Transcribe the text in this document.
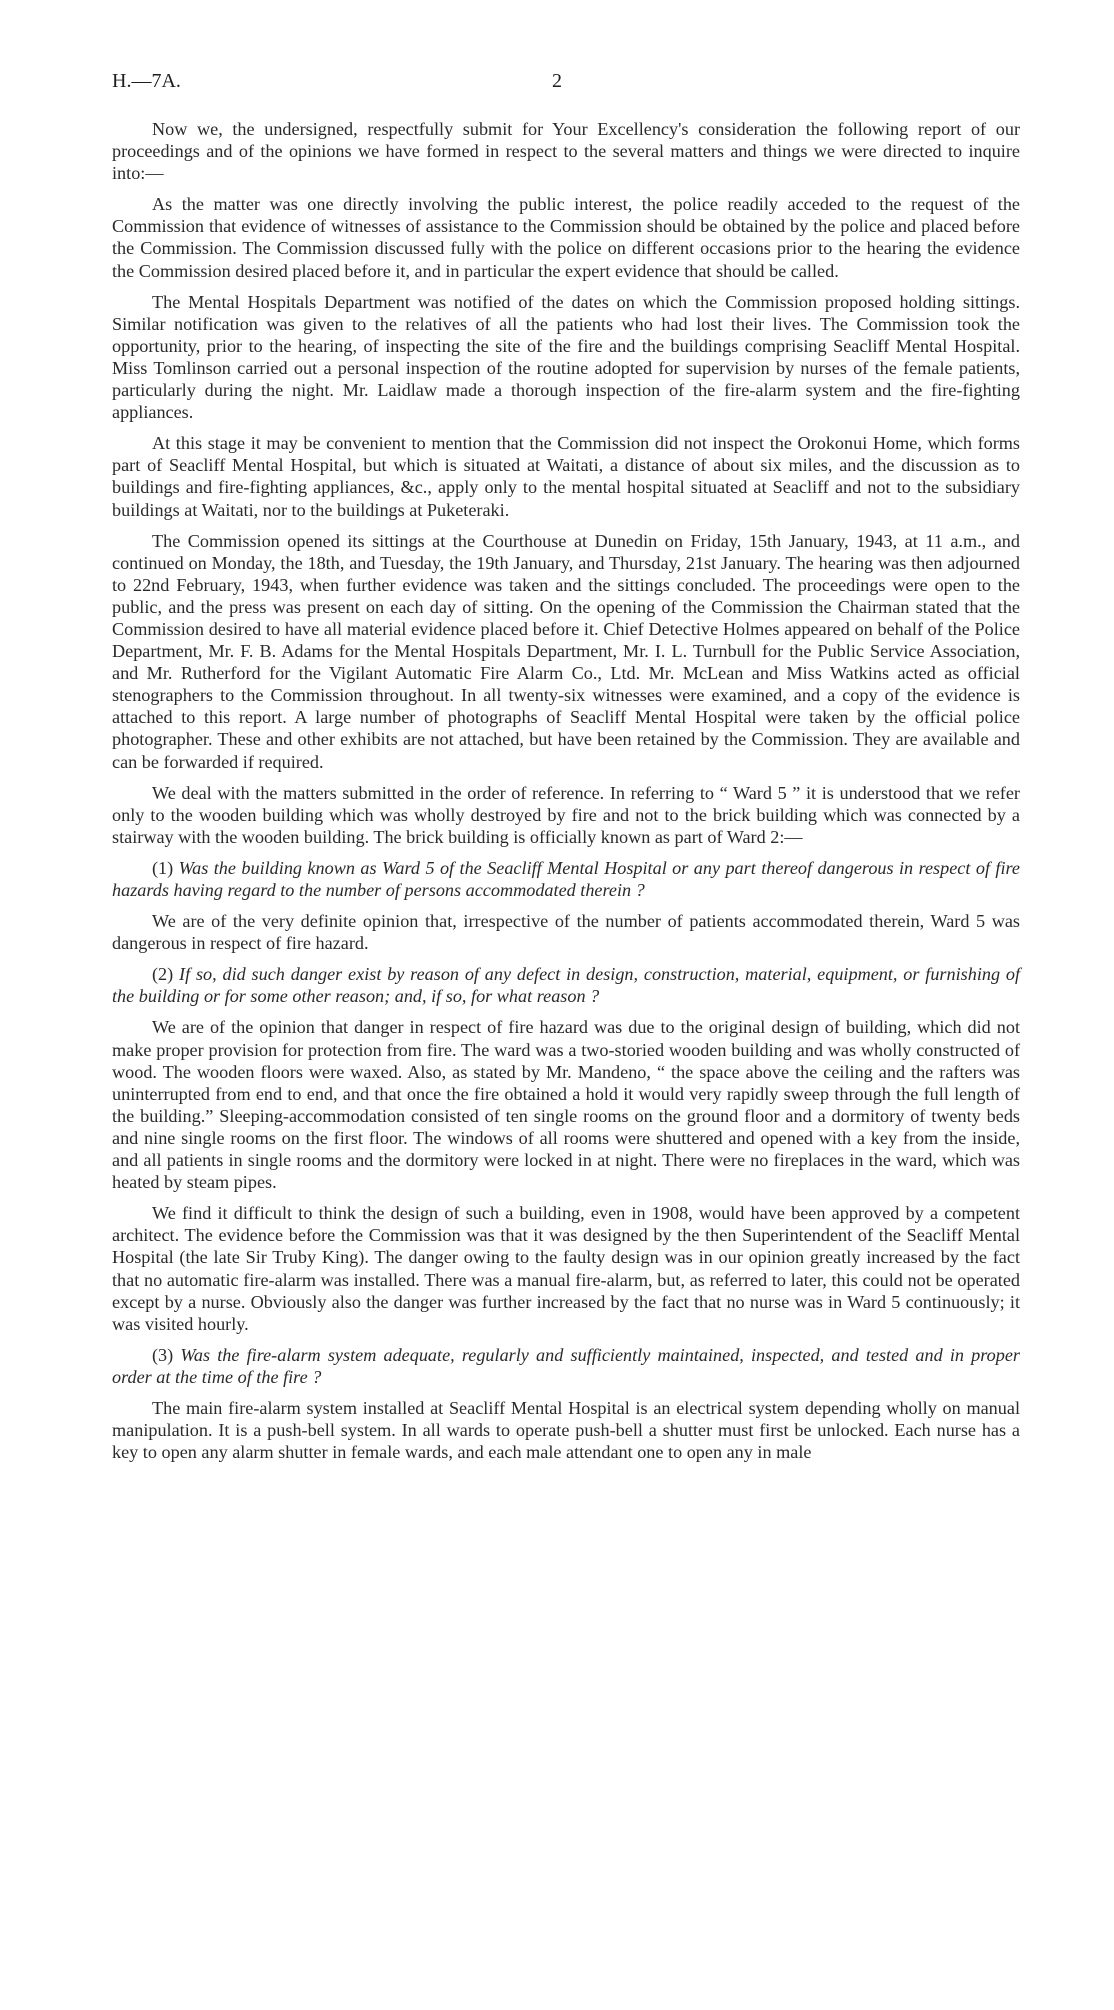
H.—7A.	2

Now we, the undersigned, respectfully submit for Your Excellency's consideration the following report of our proceedings and of the opinions we have formed in respect to the several matters and things we were directed to inquire into:—

As the matter was one directly involving the public interest, the police readily acceded to the request of the Commission that evidence of witnesses of assistance to the Commission should be obtained by the police and placed before the Commission. The Commission discussed fully with the police on different occasions prior to the hearing the evidence the Commission desired placed before it, and in particular the expert evidence that should be called.

The Mental Hospitals Department was notified of the dates on which the Commission proposed holding sittings. Similar notification was given to the relatives of all the patients who had lost their lives. The Commission took the opportunity, prior to the hearing, of inspecting the site of the fire and the buildings comprising Seacliff Mental Hospital. Miss Tomlinson carried out a personal inspection of the routine adopted for supervision by nurses of the female patients, particularly during the night. Mr. Laidlaw made a thorough inspection of the fire-alarm system and the fire-fighting appliances.

At this stage it may be convenient to mention that the Commission did not inspect the Orokonui Home, which forms part of Seacliff Mental Hospital, but which is situated at Waitati, a distance of about six miles, and the discussion as to buildings and fire-fighting appliances, &c., apply only to the mental hospital situated at Seacliff and not to the subsidiary buildings at Waitati, nor to the buildings at Puketeraki.

The Commission opened its sittings at the Courthouse at Dunedin on Friday, 15th January, 1943, at 11 a.m., and continued on Monday, the 18th, and Tuesday, the 19th January, and Thursday, 21st January. The hearing was then adjourned to 22nd February, 1943, when further evidence was taken and the sittings concluded. The proceedings were open to the public, and the press was present on each day of sitting. On the opening of the Commission the Chairman stated that the Commission desired to have all material evidence placed before it. Chief Detective Holmes appeared on behalf of the Police Department, Mr. F. B. Adams for the Mental Hospitals Department, Mr. I. L. Turnbull for the Public Service Association, and Mr. Rutherford for the Vigilant Automatic Fire Alarm Co., Ltd. Mr. McLean and Miss Watkins acted as official stenographers to the Commission throughout. In all twenty-six witnesses were examined, and a copy of the evidence is attached to this report. A large number of photographs of Seacliff Mental Hospital were taken by the official police photographer. These and other exhibits are not attached, but have been retained by the Commission. They are available and can be forwarded if required.

We deal with the matters submitted in the order of reference. In referring to “ Ward 5 ” it is understood that we refer only to the wooden building which was wholly destroyed by fire and not to the brick building which was connected by a stairway with the wooden building. The brick building is officially known as part of Ward 2:—

(1) Was the building known as Ward 5 of the Seacliff Mental Hospital or any part thereof dangerous in respect of fire hazards having regard to the number of persons accommodated therein ?

We are of the very definite opinion that, irrespective of the number of patients accommodated therein, Ward 5 was dangerous in respect of fire hazard.

(2) If so, did such danger exist by reason of any defect in design, construction, material, equipment, or furnishing of the building or for some other reason; and, if so, for what reason ?

We are of the opinion that danger in respect of fire hazard was due to the original design of building, which did not make proper provision for protection from fire. The ward was a two-storied wooden building and was wholly constructed of wood. The wooden floors were waxed. Also, as stated by Mr. Mandeno, “ the space above the ceiling and the rafters was uninterrupted from end to end, and that once the fire obtained a hold it would very rapidly sweep through the full length of the building.” Sleeping-accommodation consisted of ten single rooms on the ground floor and a dormitory of twenty beds and nine single rooms on the first floor. The windows of all rooms were shuttered and opened with a key from the inside, and all patients in single rooms and the dormitory were locked in at night. There were no fireplaces in the ward, which was heated by steam pipes.

We find it difficult to think the design of such a building, even in 1908, would have been approved by a competent architect. The evidence before the Commission was that it was designed by the then Superintendent of the Seacliff Mental Hospital (the late Sir Truby King). The danger owing to the faulty design was in our opinion greatly increased by the fact that no automatic fire-alarm was installed. There was a manual fire-alarm, but, as referred to later, this could not be operated except by a nurse. Obviously also the danger was further increased by the fact that no nurse was in Ward 5 continuously; it was visited hourly.

(3) Was the fire-alarm system adequate, regularly and sufficiently maintained, inspected, and tested and in proper order at the time of the fire ?

The main fire-alarm system installed at Seacliff Mental Hospital is an electrical system depending wholly on manual manipulation. It is a push-bell system. In all wards to operate push-bell a shutter must first be unlocked. Each nurse has a key to open any alarm shutter in female wards, and each male attendant one to open any in male
